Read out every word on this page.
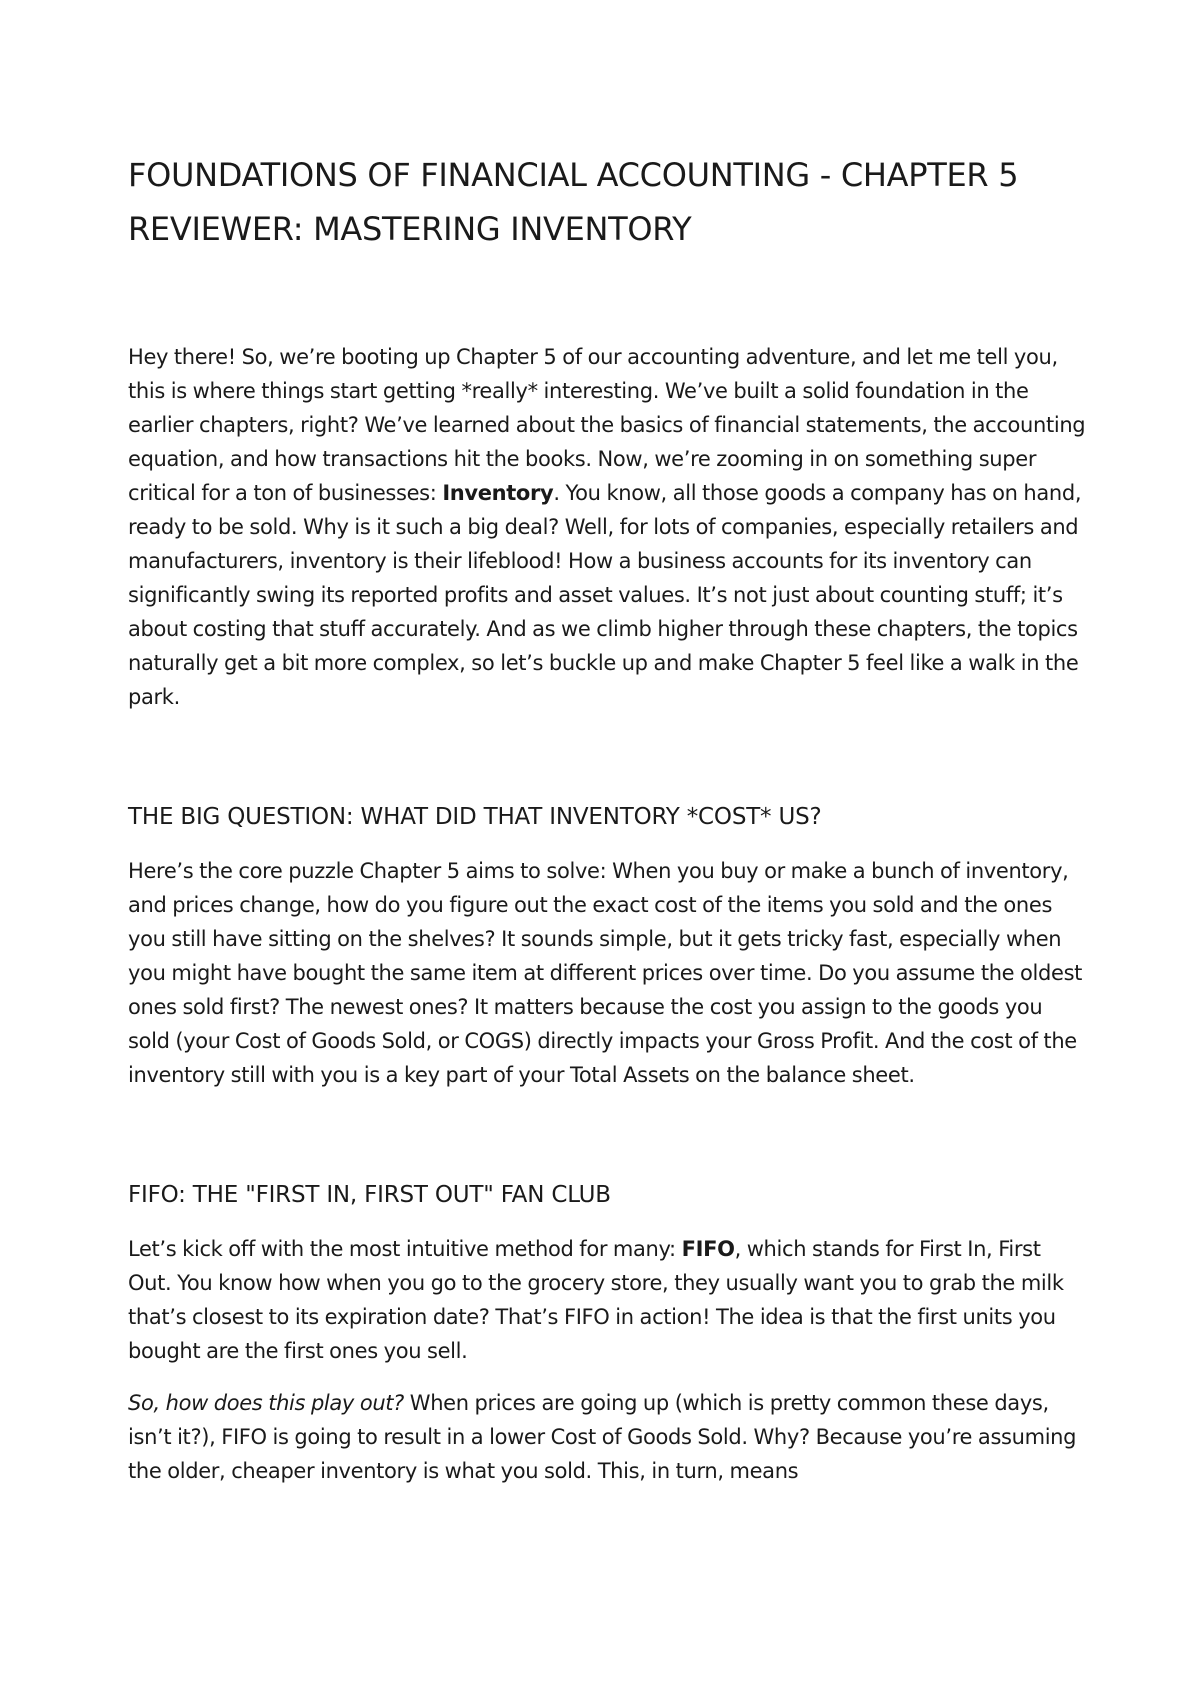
FOUNDATIONS OF FINANCIAL ACCOUNTING - CHAPTER 5 REVIEWER: MASTERING INVENTORY

Hey there! So, we’re booting up Chapter 5 of our accounting adventure, and let me tell you, this is where things start getting *really* interesting. We’ve built a solid foundation in the earlier chapters, right? We’ve learned about the basics of financial statements, the accounting equation, and how transactions hit the books. Now, we’re zooming in on something super critical for a ton of businesses: Inventory. You know, all those goods a company has on hand, ready to be sold. Why is it such a big deal? Well, for lots of companies, especially retailers and manufacturers, inventory is their lifeblood! How a business accounts for its inventory can significantly swing its reported profits and asset values. It’s not just about counting stuff; it’s about costing that stuff accurately. And as we climb higher through these chapters, the topics naturally get a bit more complex, so let’s buckle up and make Chapter 5 feel like a walk in the park.

THE BIG QUESTION: WHAT DID THAT INVENTORY *COST* US?

Here’s the core puzzle Chapter 5 aims to solve: When you buy or make a bunch of inventory, and prices change, how do you figure out the exact cost of the items you sold and the ones you still have sitting on the shelves? It sounds simple, but it gets tricky fast, especially when you might have bought the same item at different prices over time. Do you assume the oldest ones sold first? The newest ones? It matters because the cost you assign to the goods you sold (your Cost of Goods Sold, or COGS) directly impacts your Gross Profit. And the cost of the inventory still with you is a key part of your Total Assets on the balance sheet.

FIFO: THE "FIRST IN, FIRST OUT" FAN CLUB

Let’s kick off with the most intuitive method for many: FIFO, which stands for First In, First Out. You know how when you go to the grocery store, they usually want you to grab the milk that’s closest to its expiration date? That’s FIFO in action! The idea is that the first units you bought are the first ones you sell.

So, how does this play out? When prices are going up (which is pretty common these days, isn’t it?), FIFO is going to result in a lower Cost of Goods Sold. Why? Because you’re assuming the older, cheaper inventory is what you sold. This, in turn, means
